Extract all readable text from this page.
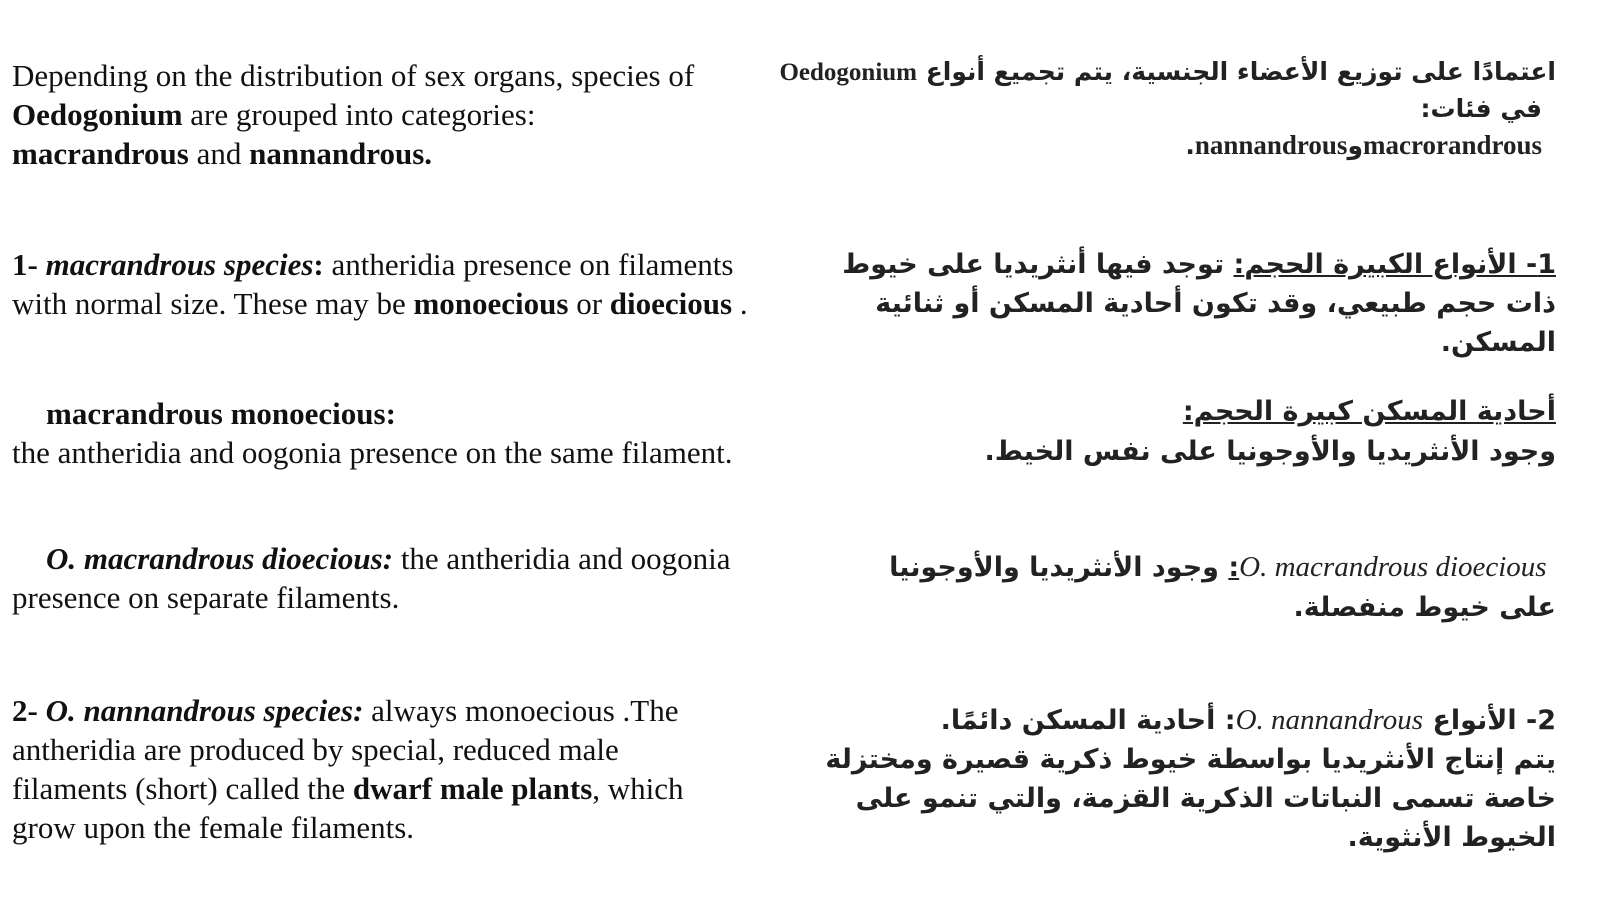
Depending on the distribution of sex organs, species of
Oedogonium are grouped into categories:
macrandrous and nannandrous.
1- macrandrous species: antheridia presence on filaments with normal size. These may be monoecious or dioecious .
macrandrous monoecious:
the antheridia and oogonia presence on the same filament.
O. macrandrous dioecious: the antheridia and oogonia presence on separate filaments.
2- O. nannandrous species: always monoecious .The antheridia are produced by special, reduced male filaments (short) called the dwarf male plants, which grow upon the female filaments.
اعتمادًا على توزيع الأعضاء الجنسية، يتم تجميع أنواع Oedogonium
في فئات:
macrorandrousوnannandrous.
1- الأنواع الكبيرة الحجم: توجد فيها أنثريديا على خيوط ذات حجم طبيعي، وقد تكون أحادية المسكن أو ثنائية المسكن.
أحادية المسكن كبيرة الحجم:
وجود الأنثريديا والأوجونيا على نفس الخيط.
O. macrandrous dioecious: وجود الأنثريديا والأوجونيا على خيوط منفصلة.
2- الأنواع O. nannandrous: أحادية المسكن دائمًا.
يتم إنتاج الأنثريديا بواسطة خيوط ذكرية قصيرة ومختزلة خاصة تسمى النباتات الذكرية القزمة، والتي تنمو على الخيوط الأنثوية.
